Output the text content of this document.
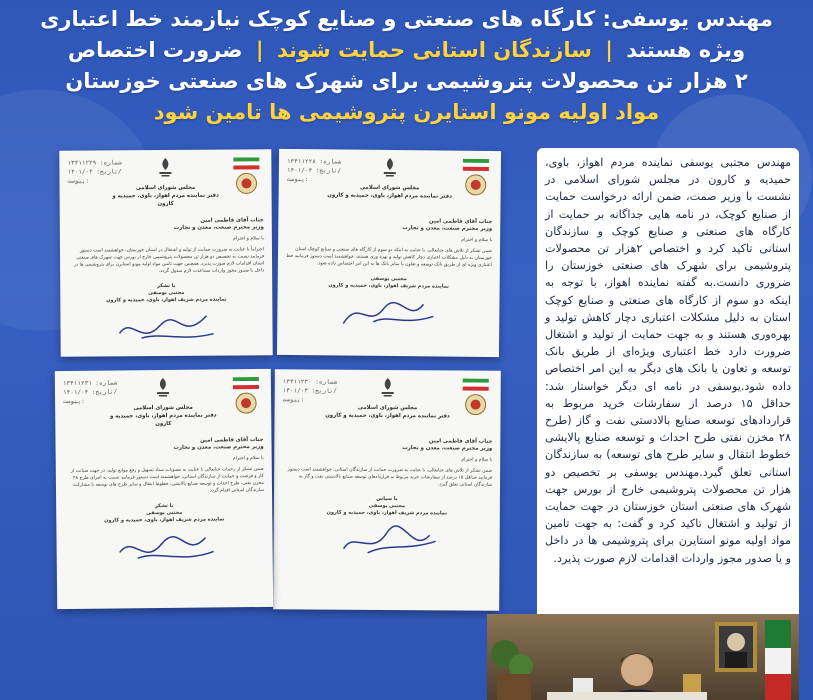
مهندس یوسفی: کارگاه های صنعتی و صنایع کوچک نیازمند خط اعتباری
ویژه هستند | سازندگان استانی حمایت شوند | ضرورت اختصاص
۲ هزار تن محصولات پتروشیمی برای شهرک های صنعتی خوزستان
مواد اولیه مونو استایرن پتروشیمی ها تامین شود
مهندس مجتبی یوسفی نماینده مردم اهواز، باوی، حمیدیه و کارون در مجلس شورای اسلامی در نشست با وزیر صمت، ضمن ارائه درخواست حمایت از صنایع کوچک، در نامه هایی جداگانه بر حمایت از کارگاه های صنعتی و صنایع کوچک و سازندگان استانی تاکید کرد و اختصاص ۲هزار تن محصولات پتروشیمی برای شهرک های صنعتی خوزستان را ضروری دانست.به گفته نماینده اهواز، با توجه به اینکه دو سوم از کارگاه های صنعتی و صنایع کوچک استان به دلیل مشکلات اعتباری دچار کاهش تولید و بهره‌وری هستند و به جهت حمایت از تولید و اشتغال ضرورت دارد خط اعتباری ویژه‌ای از طریق بانک توسعه و تعاون یا بانک های دیگر به این امر اختصاص داده شود.یوسفی در نامه ای دیگر خواستار شد: حداقل ۱۵ درصد از سفارشات خرید مربوط به قراردادهای توسعه صنایع بالادستی نفت و گاز (طرح ۲۸ مخزن نفتی طرح احداث و توسعه صنایع پالایشی خطوط انتقال و سایر طرح های توسعه) به سازندگان استانی تعلق گیرد.مهندس یوسفی بر تخصیص دو هزار تن محصولات پتروشیمی خارج از بورس جهت شهرک های صنعتی استان خوزستان در جهت حمایت از تولید و اشتغال تاکید کرد و گفت: به جهت تامین مواد اولیه مونو استایرن برای پتروشیمی ها در داخل و یا صدور مجوز واردات اقدامات لازم صورت پذیرد.
شماره: ۱۳۴۱۱۲۲۸
تاریخ: ۱۴۰۱/۰۴/‌
پیوست:
مجلس شورای اسلامی
دفتر نماینده مردم اهواز، باوی، حمیدیه و کارون
جناب آقای فاطمی امین
وزیر محترم صنعت، معدن و تجارت
با سلام و احترام
ضمن تشکر از تلاش های جنابعالی، با عنایت به اینکه دو سوم از کارگاه های صنعتی و صنایع کوچک استان خوزستان به دلیل مشکلات اعتباری دچار کاهش تولید و بهره وری هستند، خواهشمند است دستور فرمایید خط اعتباری ویژه ای از طریق بانک توسعه و تعاون یا سایر بانک ها به این امر اختصاص داده شود.
مجتبی یوسفی
نماینده مردم شریف اهواز، باوی، حمیدیه و کارون
شماره: ۱۳۴۱۱۲۲۹
تاریخ: ۱۴۰۱/۰۴/‌
پیوست:
مجلس شورای اسلامی
دفتر نماینده مردم اهواز، باوی، حمیدیه و کارون
جناب آقای فاطمی امین
وزیر محترم صنعت، معدن و تجارت
با سلام و احترام
احتراماً با عنایت به ضرورت حمایت از تولید و اشتغال در استان خوزستان، خواهشمند است دستور فرمایید نسبت به تخصیص دو هزار تن محصولات پتروشیمی خارج از بورس جهت شهرک های صنعتی استان اقدامات لازم صورت پذیرد. همچنین جهت تامین مواد اولیه مونو استایرن برای پتروشیمی ها در داخل یا صدور مجوز واردات مساعدت لازم مبذول گردد.
با تشکر
مجتبی یوسفی
نماینده مردم شریف اهواز، باوی، حمیدیه و کارون
شماره: ۱۳۴۱۱۲۳۰
تاریخ: ۱۴۰۱/۰۴/‌
پیوست:
مجلس شورای اسلامی
دفتر نماینده مردم اهواز، باوی، حمیدیه و کارون
جناب آقای فاطمی امین
وزیر محترم صنعت، معدن و تجارت
با سلام و احترام
ضمن تشکر از تلاش های جنابعالی، با عنایت به ضرورت حمایت از سازندگان استانی، خواهشمند است دستور فرمایید حداقل ۱۵ درصد از سفارشات خرید مربوط به قراردادهای توسعه صنایع بالادستی نفت و گاز به سازندگان استانی تعلق گیرد.
با سپاس
مجتبی یوسفی
نماینده مردم شریف اهواز، باوی، حمیدیه و کارون
شماره: ۱۳۴۱۱۲۳۱
تاریخ: ۱۴۰۱/۰۴/‌
پیوست:
مجلس شورای اسلامی
دفتر نماینده مردم اهواز، باوی، حمیدیه و کارون
جناب آقای فاطمی امین
وزیر محترم صنعت، معدن و تجارت
با سلام و احترام
ضمن تشکر از زحمات جنابعالی با عنایت به مصوبات ستاد تسهیل و رفع موانع تولید، در جهت صیانت از کار و فرصت و حمایت از سازندگان استانی، خواهشمند است دستور فرمایید نسبت به اجرای طرح ۲۸ مخزن نفتی، طرح احداث و توسعه صنایع پالایشی، خطوط انتقال و سایر طرح های توسعه با مشارکت سازندگان استانی اقدام گردد.
با تشکر
مجتبی یوسفی
نماینده مردم شریف اهواز، باوی، حمیدیه و کارون
